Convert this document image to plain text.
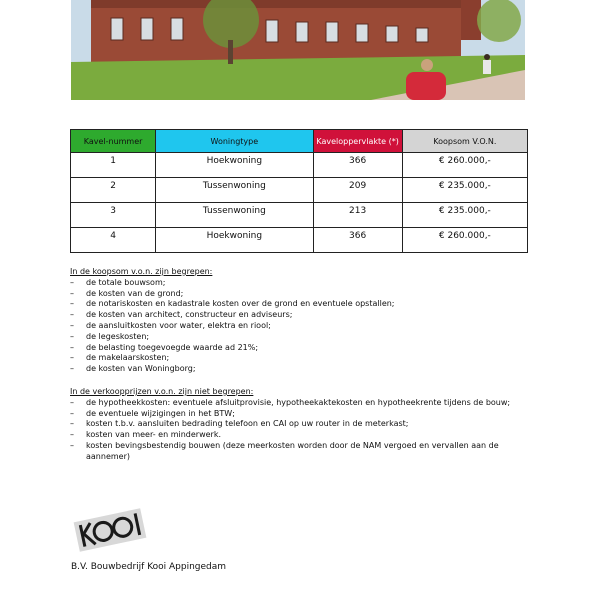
Kavel-nummer	Woningtype	Kaveloppervlakte (*)	Koopsom V.O.N.
1	Hoekwoning	366	€ 260.000,-
2	Tussenwoning	209	€ 235.000,-
3	Tussenwoning	213	€ 235.000,-
4	Hoekwoning	366	€ 260.000,-
In de koopsom v.o.n. zijn begrepen:
– de totale bouwsom;
– de kosten van de grond;
– de notariskosten en kadastrale kosten over de grond en eventuele opstallen;
– de kosten van architect, constructeur en adviseurs;
– de aansluitkosten voor water, elektra en riool;
– de legeskosten;
– de belasting toegevoegde waarde ad 21%;
– de makelaarskosten;
– de kosten van Woningborg;
In de verkoopprijzen v.o.n. zijn niet begrepen:
– de hypotheekkosten: eventuele afsluitprovisie, hypotheekaktekosten en hypotheekrente tijdens de bouw;
– de eventuele wijzigingen in het BTW;
– kosten t.b.v. aansluiten bedrading telefoon en CAI op uw router in de meterkast;
– kosten van meer- en minderwerk.
– kosten bevingsbestendig bouwen (deze meerkosten worden door de NAM vergoed en vervallen aan de aannemer)
B.V. Bouwbedrijf Kooi Appingedam
